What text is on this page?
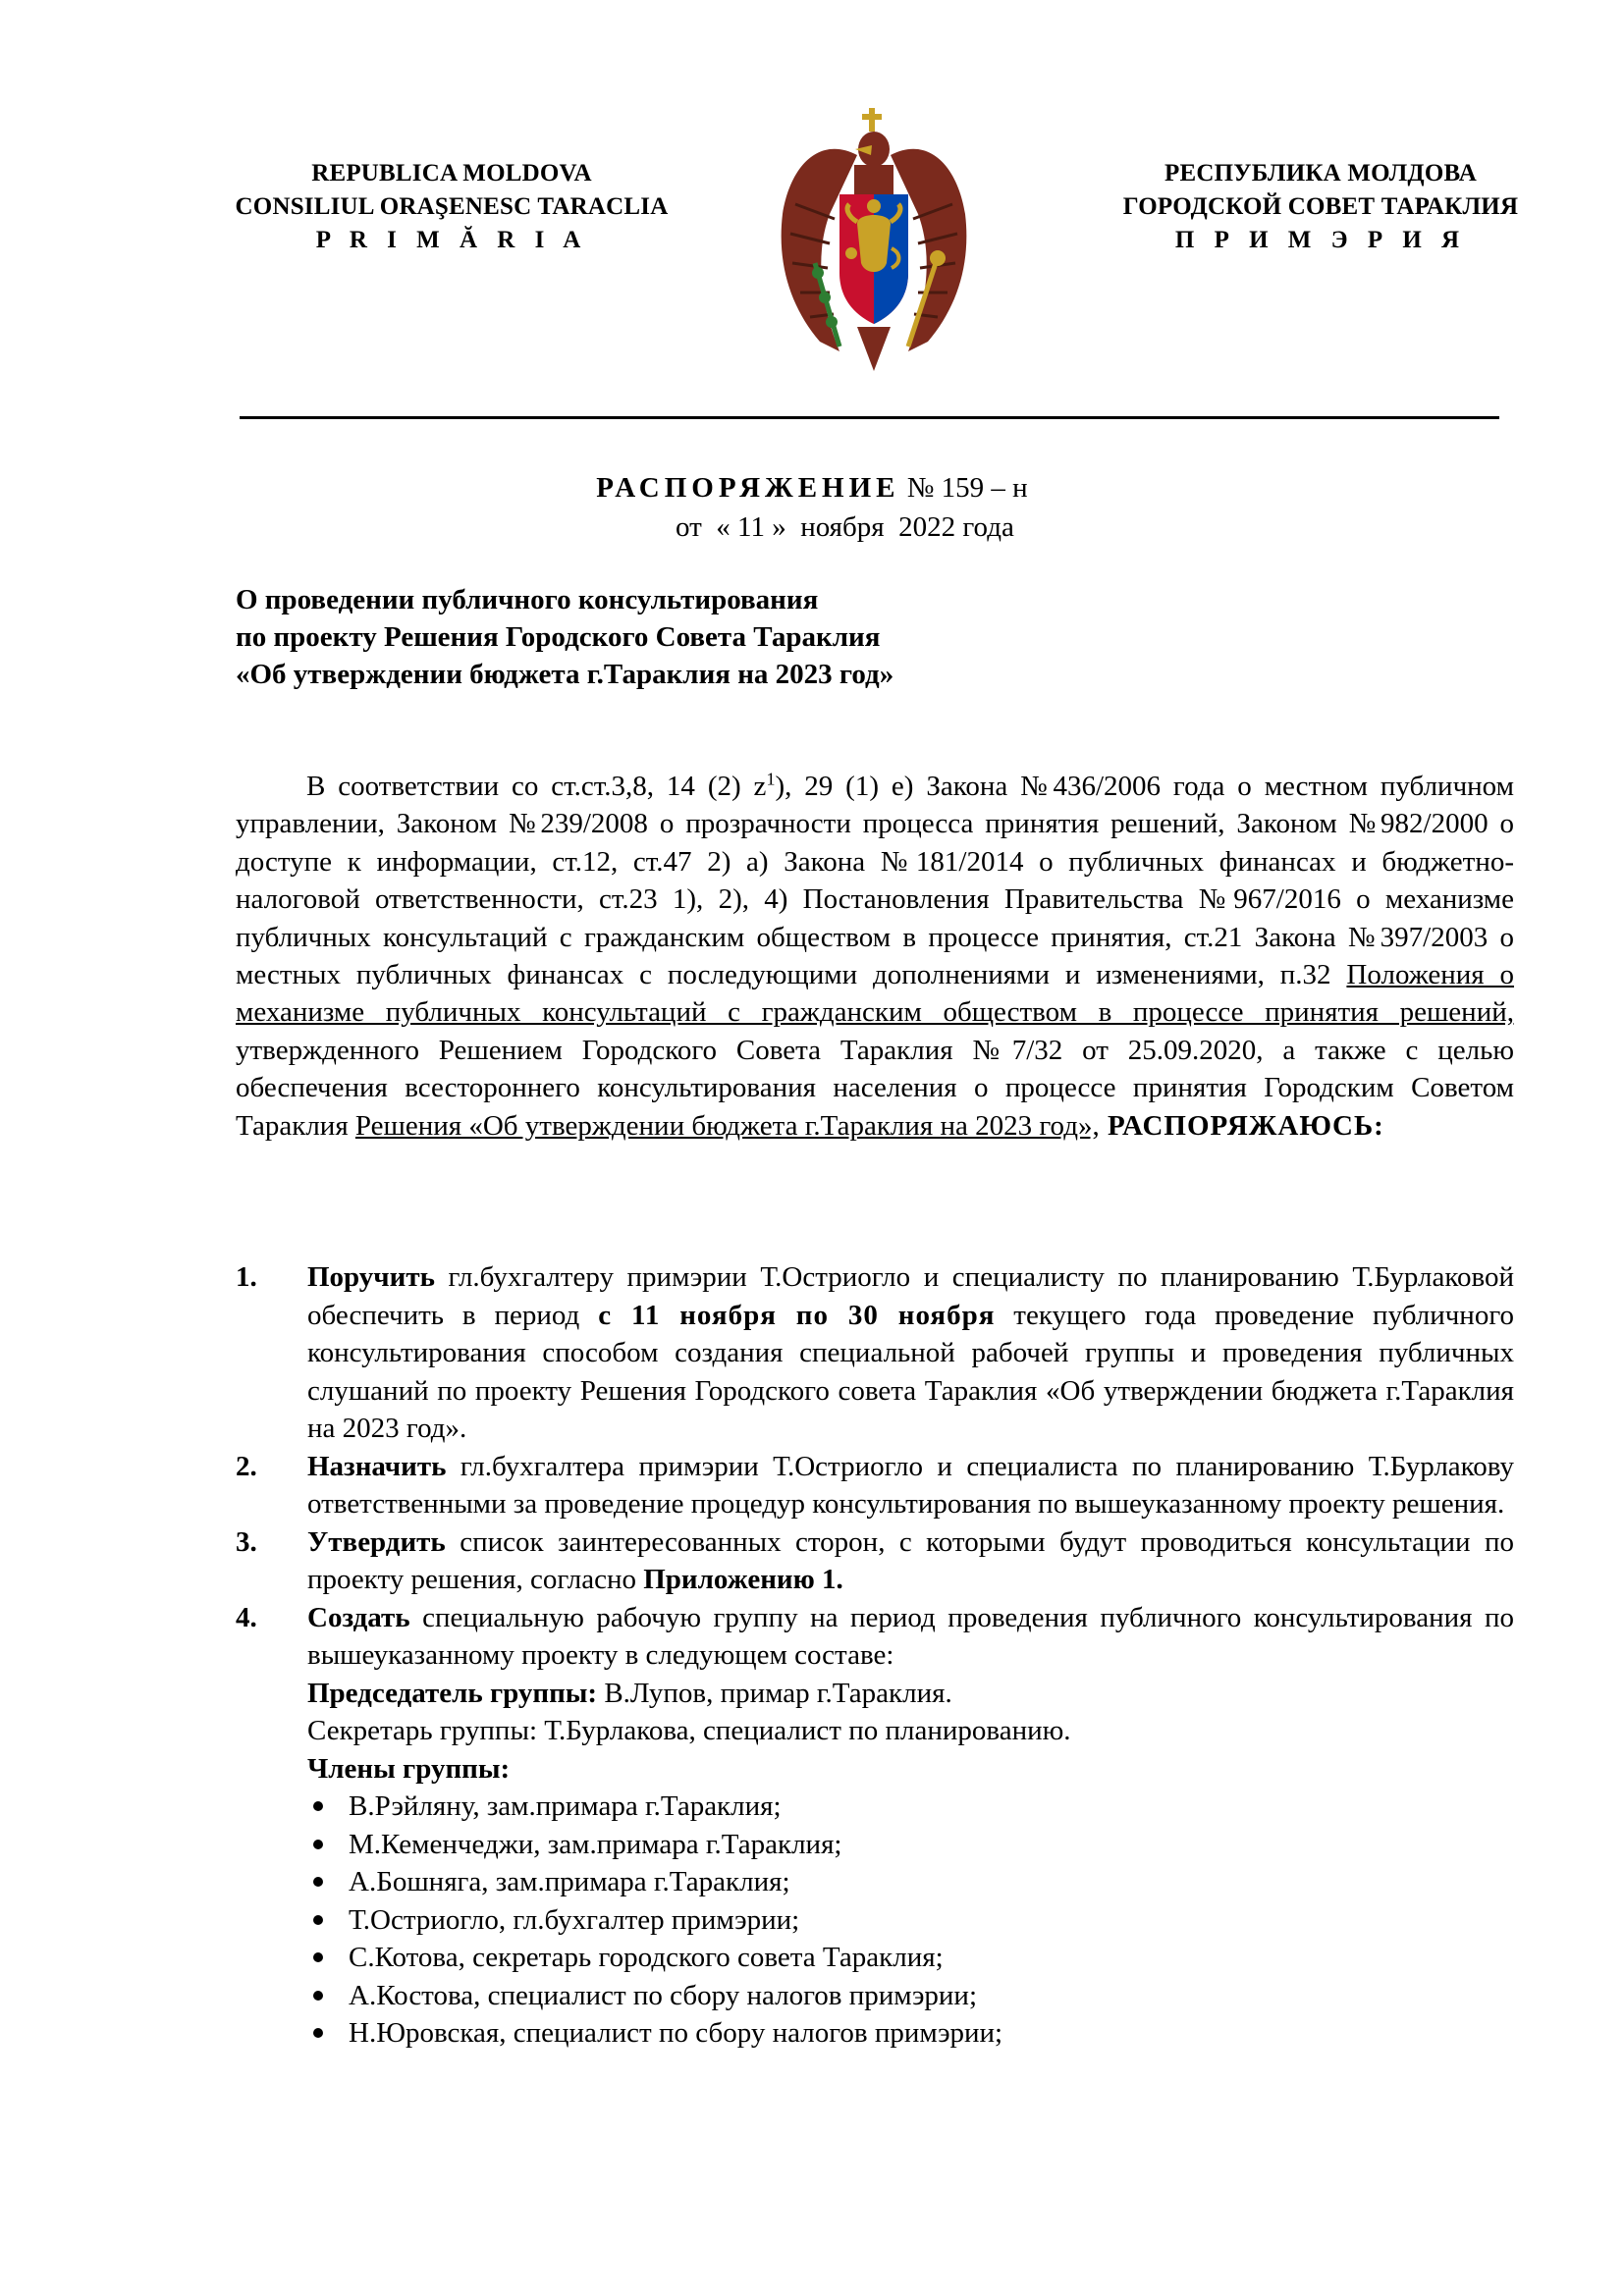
REPUBLICA MOLDOVA
CONSILIUL ORAŞENESC TARACLIA
P R I M Ă R I A
РЕСПУБЛИКА МОЛДОВА
ГОРОДСКОЙ СОВЕТ ТАРАКЛИЯ
П Р И М Э Р И Я
РАСПОРЯЖЕНИЕ № 159 – н
от  « 11 »  ноября  2022 года
О проведении публичного консультирования
по проекту Решения Городского Совета Тараклия
«Об утверждении бюджета г.Тараклия на 2023 год»

В соответствии со ст.ст.3,8, 14 (2) $z^1$), 29 (1) е) Закона №436/2006 года о местном публичном управлении, Законом №239/2008 о прозрачности процесса принятия решений, Законом №982/2000 о доступе к информации, ст.12, ст.47 2) а) Закона №181/2014 о публичных финансах и бюджетно-налоговой ответственности, ст.23 1), 2), 4) Постановления Правительства №967/2016 о механизме публичных консультаций с гражданским обществом в процессе принятия, ст.21 Закона №397/2003 о местных публичных финансах с последующими дополнениями и изменениями, п.32 Положения о механизме публичных консультаций с гражданским обществом в процессе принятия решений, утвержденного Решением Городского Совета Тараклия №7/32 от 25.09.2020, а также с целью обеспечения всестороннего консультирования населения о процессе принятия Городским Советом Тараклия Решения «Об утверждении бюджета г.Тараклия на 2023 год», РАСПОРЯЖАЮСЬ:

1. Поручить гл.бухгалтеру примэрии Т.Остриогло и специалисту по планированию Т.Бурлаковой обеспечить в период с 11 ноября по 30 ноября текущего года проведение публичного консультирования способом создания специальной рабочей группы и проведения публичных слушаний по проекту Решения Городского совета Тараклия «Об утверждении бюджета г.Тараклия на 2023 год».
2. Назначить гл.бухгалтера примэрии Т.Остриогло и специалиста по планированию Т.Бурлакову ответственными за проведение процедур консультирования по вышеуказанному проекту решения.
3. Утвердить список заинтересованных сторон, с которыми будут проводиться консультации по проекту решения, согласно Приложению 1.
4. Создать специальную рабочую группу на период проведения публичного консультирования по вышеуказанному проекту в следующем составе:
Председатель группы: В.Лупов, примар г.Тараклия.
Секретарь группы: Т.Бурлакова, специалист по планированию.
Члены группы:
В.Рэйляну, зам.примара г.Тараклия;
М.Кеменчеджи, зам.примара г.Тараклия;
А.Бошняга, зам.примара г.Тараклия;
Т.Остриогло, гл.бухгалтер примэрии;
С.Котова, секретарь городского совета Тараклия;
А.Костова, специалист по сбору налогов примэрии;
Н.Юровская, специалист по сбору налогов примэрии;
